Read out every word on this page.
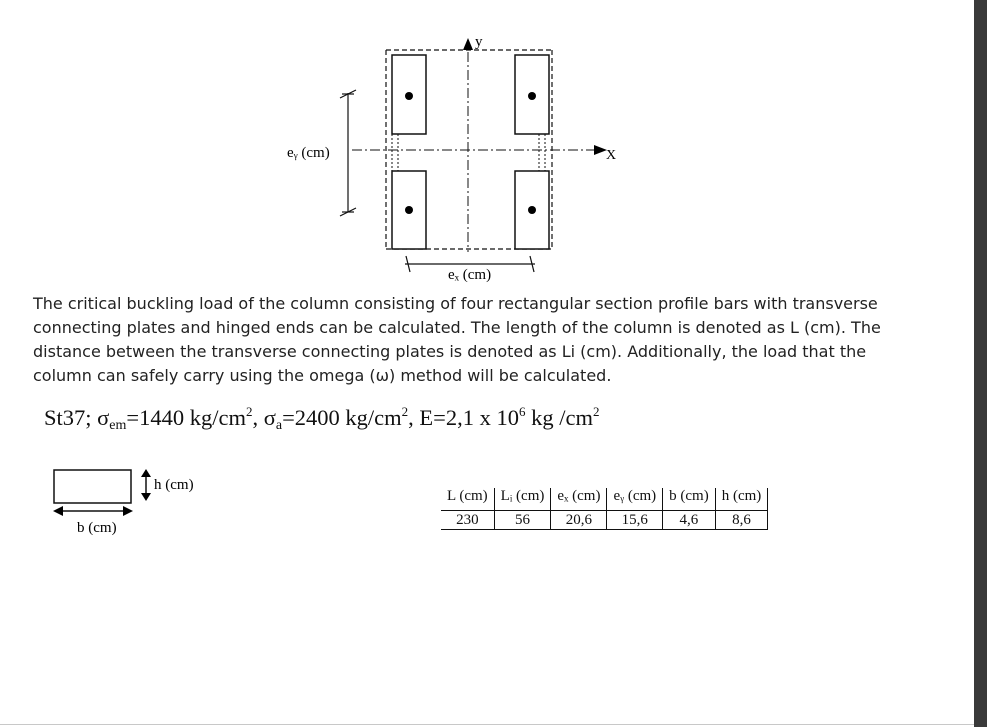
y
X
eᵧ (cm)
eₓ (cm)
The critical buckling load of the column consisting of four rectangular section profile bars with transverse
connecting plates and hinged ends can be calculated. The length of the column is denoted as L (cm). The
distance between the transverse connecting plates is denoted as Li (cm). Additionally, the load that the
column can safely carry using the omega (ω) method will be calculated.
St37; $\sigma_{em}=1440$ $kg/cm^2$, $\sigma_a=2400$ $kg/cm^2$, E=2,1 x $10^6$ kg $/cm^2$
h (cm)
b (cm)
L (cm)	Lᵢ (cm)	eₓ (cm)	eᵧ (cm)	b (cm)	h (cm)
230	56	20,6	15,6	4,6	8,6
